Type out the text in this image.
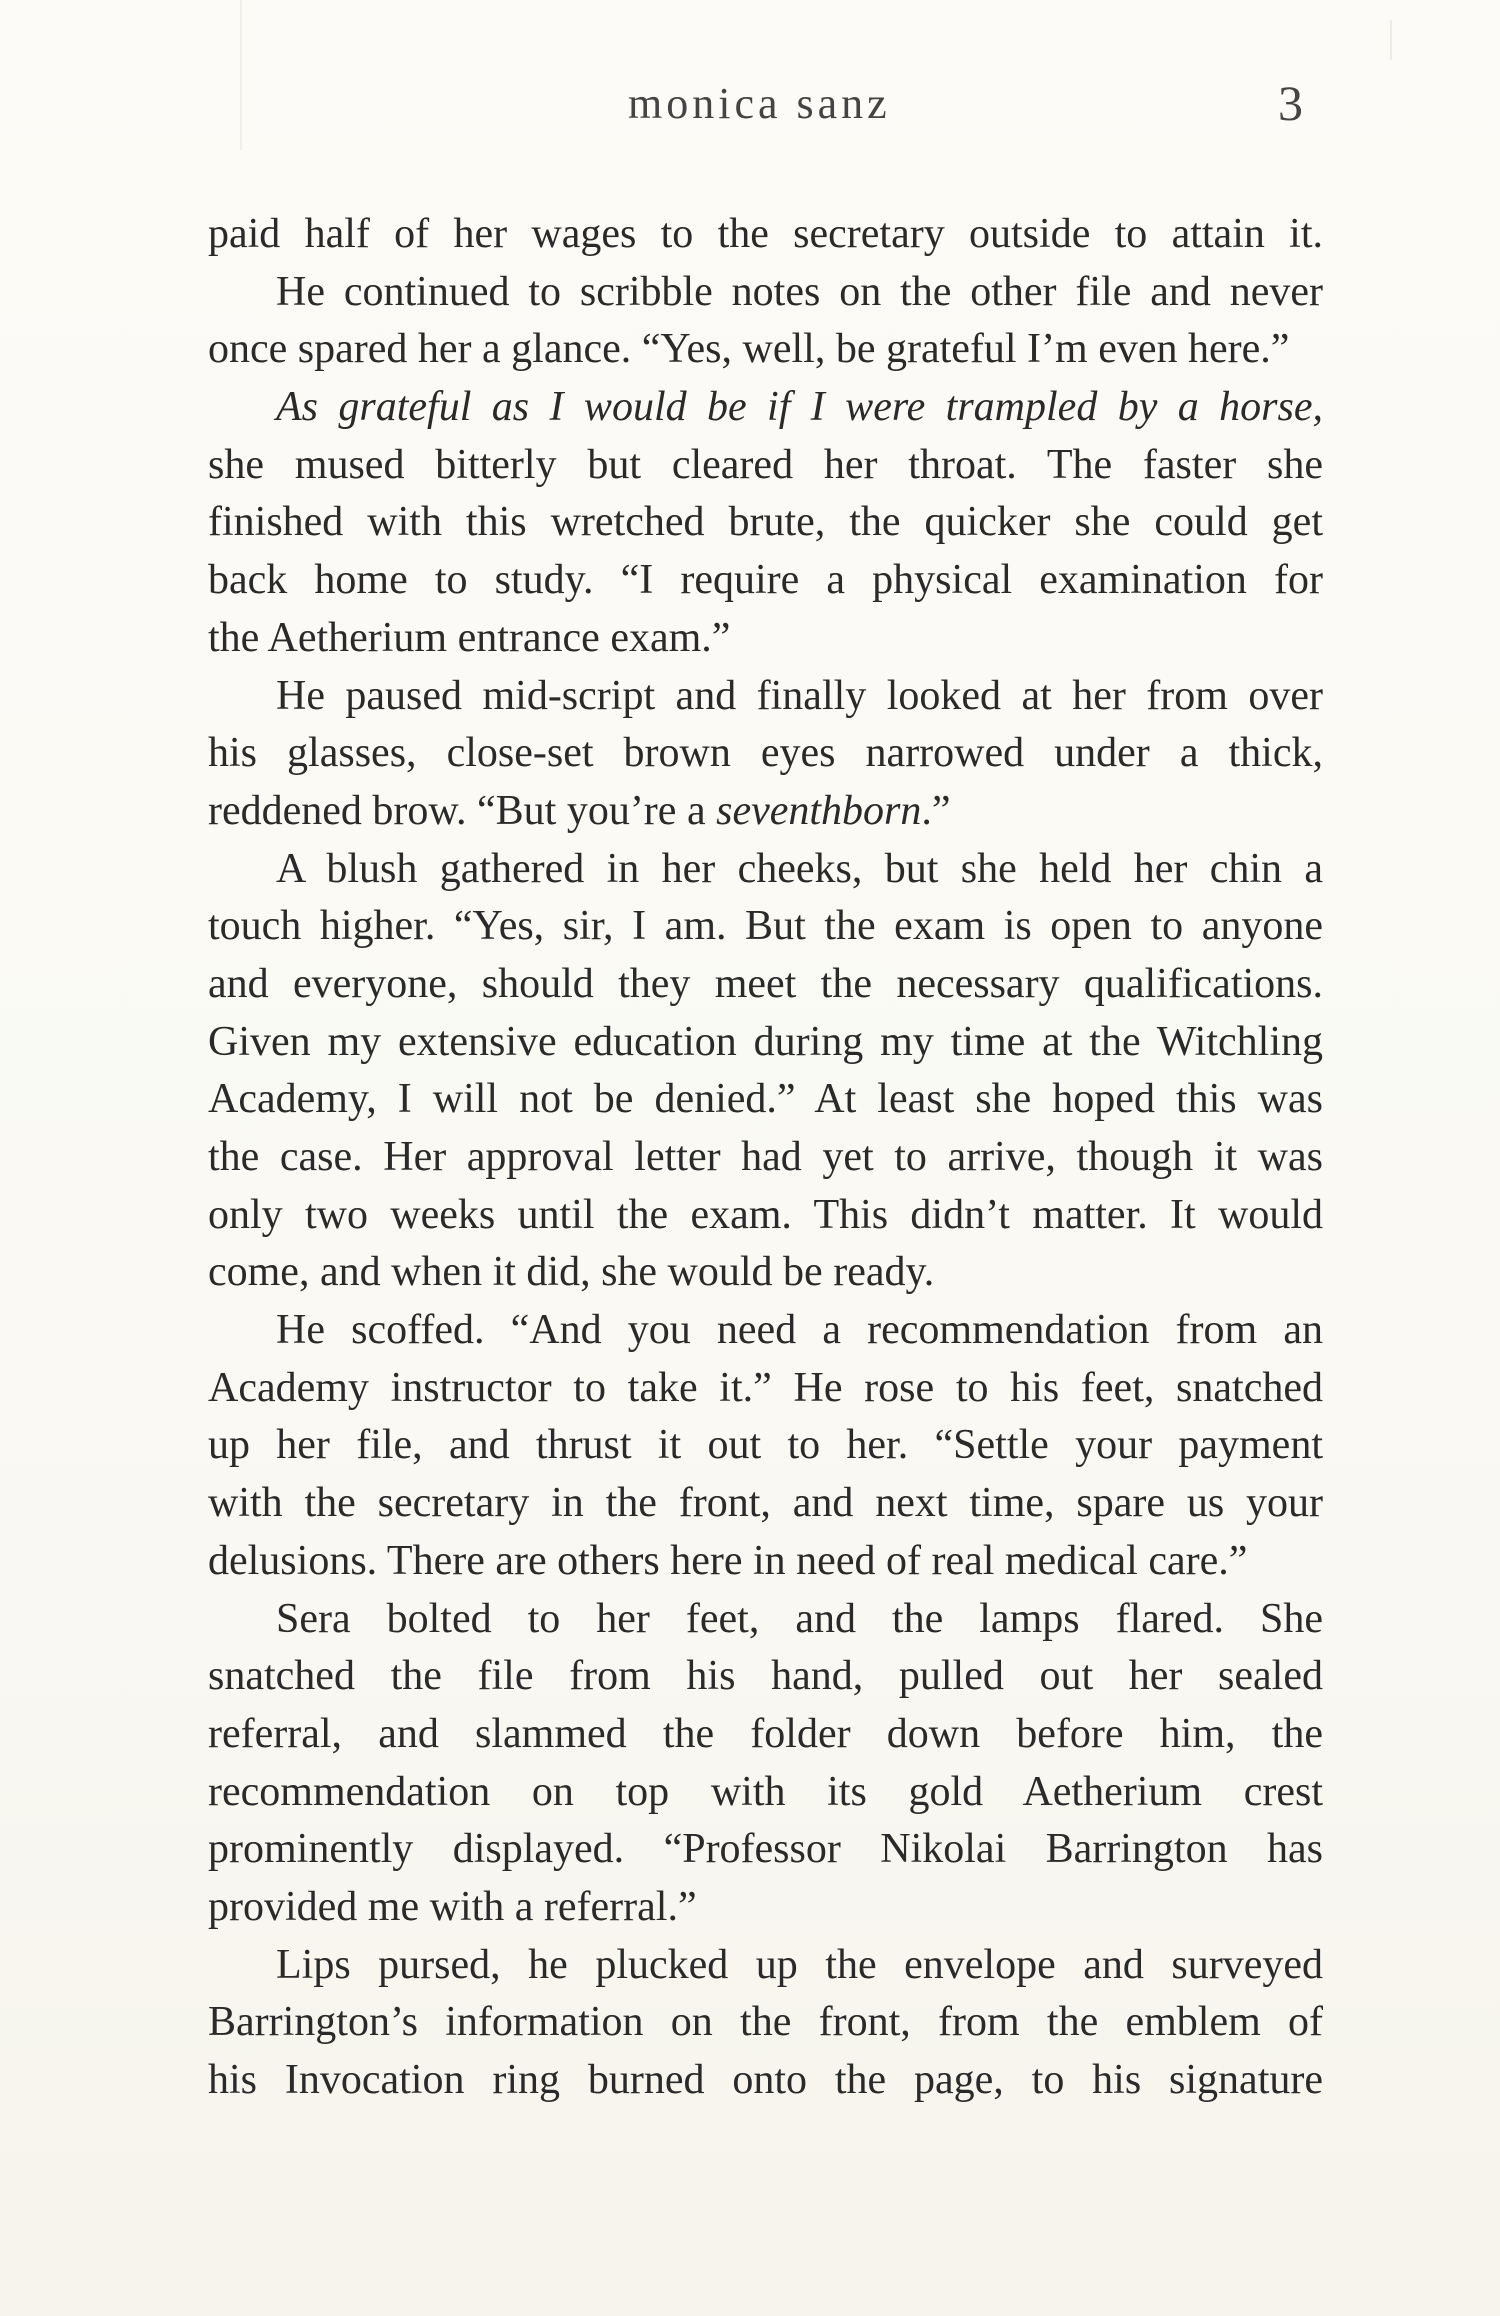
monica sanz	3
paid half of her wages to the secretary outside to attain it.
He continued to scribble notes on the other file and never
once spared her a glance. “Yes, well, be grateful I’m even here.”
As grateful as I would be if I were trampled by a horse,
she mused bitterly but cleared her throat. The faster she
finished with this wretched brute, the quicker she could get
back home to study. “I require a physical examination for
the Aetherium entrance exam.”
He paused mid-script and finally looked at her from over
his glasses, close-set brown eyes narrowed under a thick,
reddened brow. “But you’re a seventhborn.”
A blush gathered in her cheeks, but she held her chin a
touch higher. “Yes, sir, I am. But the exam is open to anyone
and everyone, should they meet the necessary qualifications.
Given my extensive education during my time at the Witchling
Academy, I will not be denied.” At least she hoped this was
the case. Her approval letter had yet to arrive, though it was
only two weeks until the exam. This didn’t matter. It would
come, and when it did, she would be ready.
He scoffed. “And you need a recommendation from an
Academy instructor to take it.” He rose to his feet, snatched
up her file, and thrust it out to her. “Settle your payment
with the secretary in the front, and next time, spare us your
delusions. There are others here in need of real medical care.”
Sera bolted to her feet, and the lamps flared. She
snatched the file from his hand, pulled out her sealed
referral, and slammed the folder down before him, the
recommendation on top with its gold Aetherium crest
prominently displayed. “Professor Nikolai Barrington has
provided me with a referral.”
Lips pursed, he plucked up the envelope and surveyed
Barrington’s information on the front, from the emblem of
his Invocation ring burned onto the page, to his signature
